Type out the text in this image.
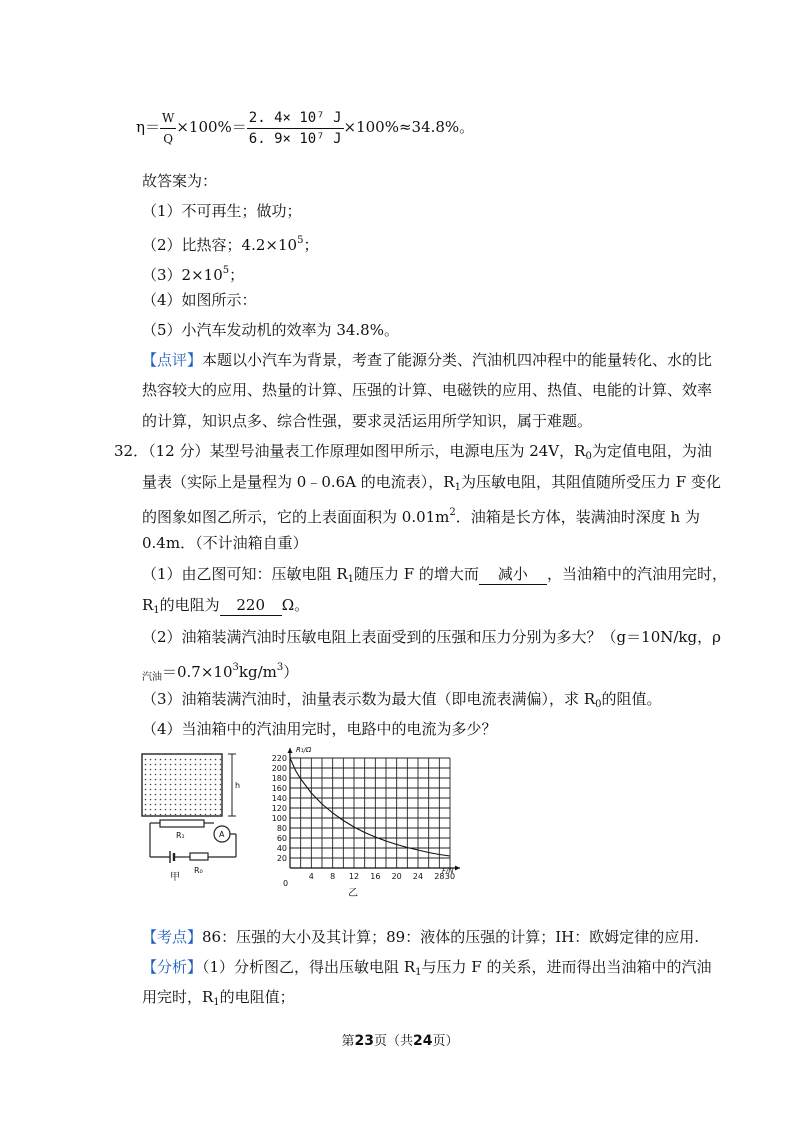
$\eta= \frac{W}{Q} \times 100\%= \frac{\text{2. 4× 10⁷ J}}{\text{6. 9× 10⁷ J}} \times 100\%\approx 34.8\%$。
故答案为：
（1）不可再生；做功；
（2）比热容；$4.2\times 10^5$；
$(3)2\times 10^5$；
（4）如图所示：
（5）小汽车发动机的效率为 34.8%。
【点评】本题以小汽车为背景，考查了能源分类、汽油机四冲程中的能量转化、水的比
热容较大的应用、热量的计算、压强的计算、电磁铁的应用、热值、电能的计算、效率
的计算，知识点多、综合性强，要求灵活运用所学知识，属于难题。
32．（12 分）某型号油量表工作原理如图甲所示，电源电压为 24V，$R_0$为定值电阻，为油
量表（实际上是量程为 0﹣0.6A 的电流表），$R_1$为压敏电阻，其阻值随所受压力 F 变化
的图象如图乙所示，它的上表面面积为 $0.01m^2$．油箱是长方体，装满油时深度 h 为
0.4m．（不计油箱自重）
（1）由乙图可知：压敏电阻 $R_1$随压力 F 的增大而 减小 ，当油箱中的汽油用完时，
$R_1$的电阻为 220 Ω。
（2）油箱装满汽油时压敏电阻上表面受到的压强和压力分别为多大？（g＝10N/kg，ρ
$_{汽油}=0.7\times 10^3kg/m^3$）
（3）油箱装满汽油时，油量表示数为最大值（即电流表满偏），求 $R_0$的阻值。
（4）当油箱中的汽油用完时，电路中的电流为多少？
h
R₁	A
R₀
甲	4 8 12 16 20 24 28 30
20
40
60
80
100
120
140
160
180
200
220
R₁/Ω
F/N
0
乙
【考点】86：压强的大小及其计算；89：液体的压强的计算；IH：欧姆定律的应用.
【分析】（1）分析图乙，得出压敏电阻 $R_1$与压力 F 的关系，进而得出当油箱中的汽油
用完时，$R_1$的电阻值；
第23页（共24页）
